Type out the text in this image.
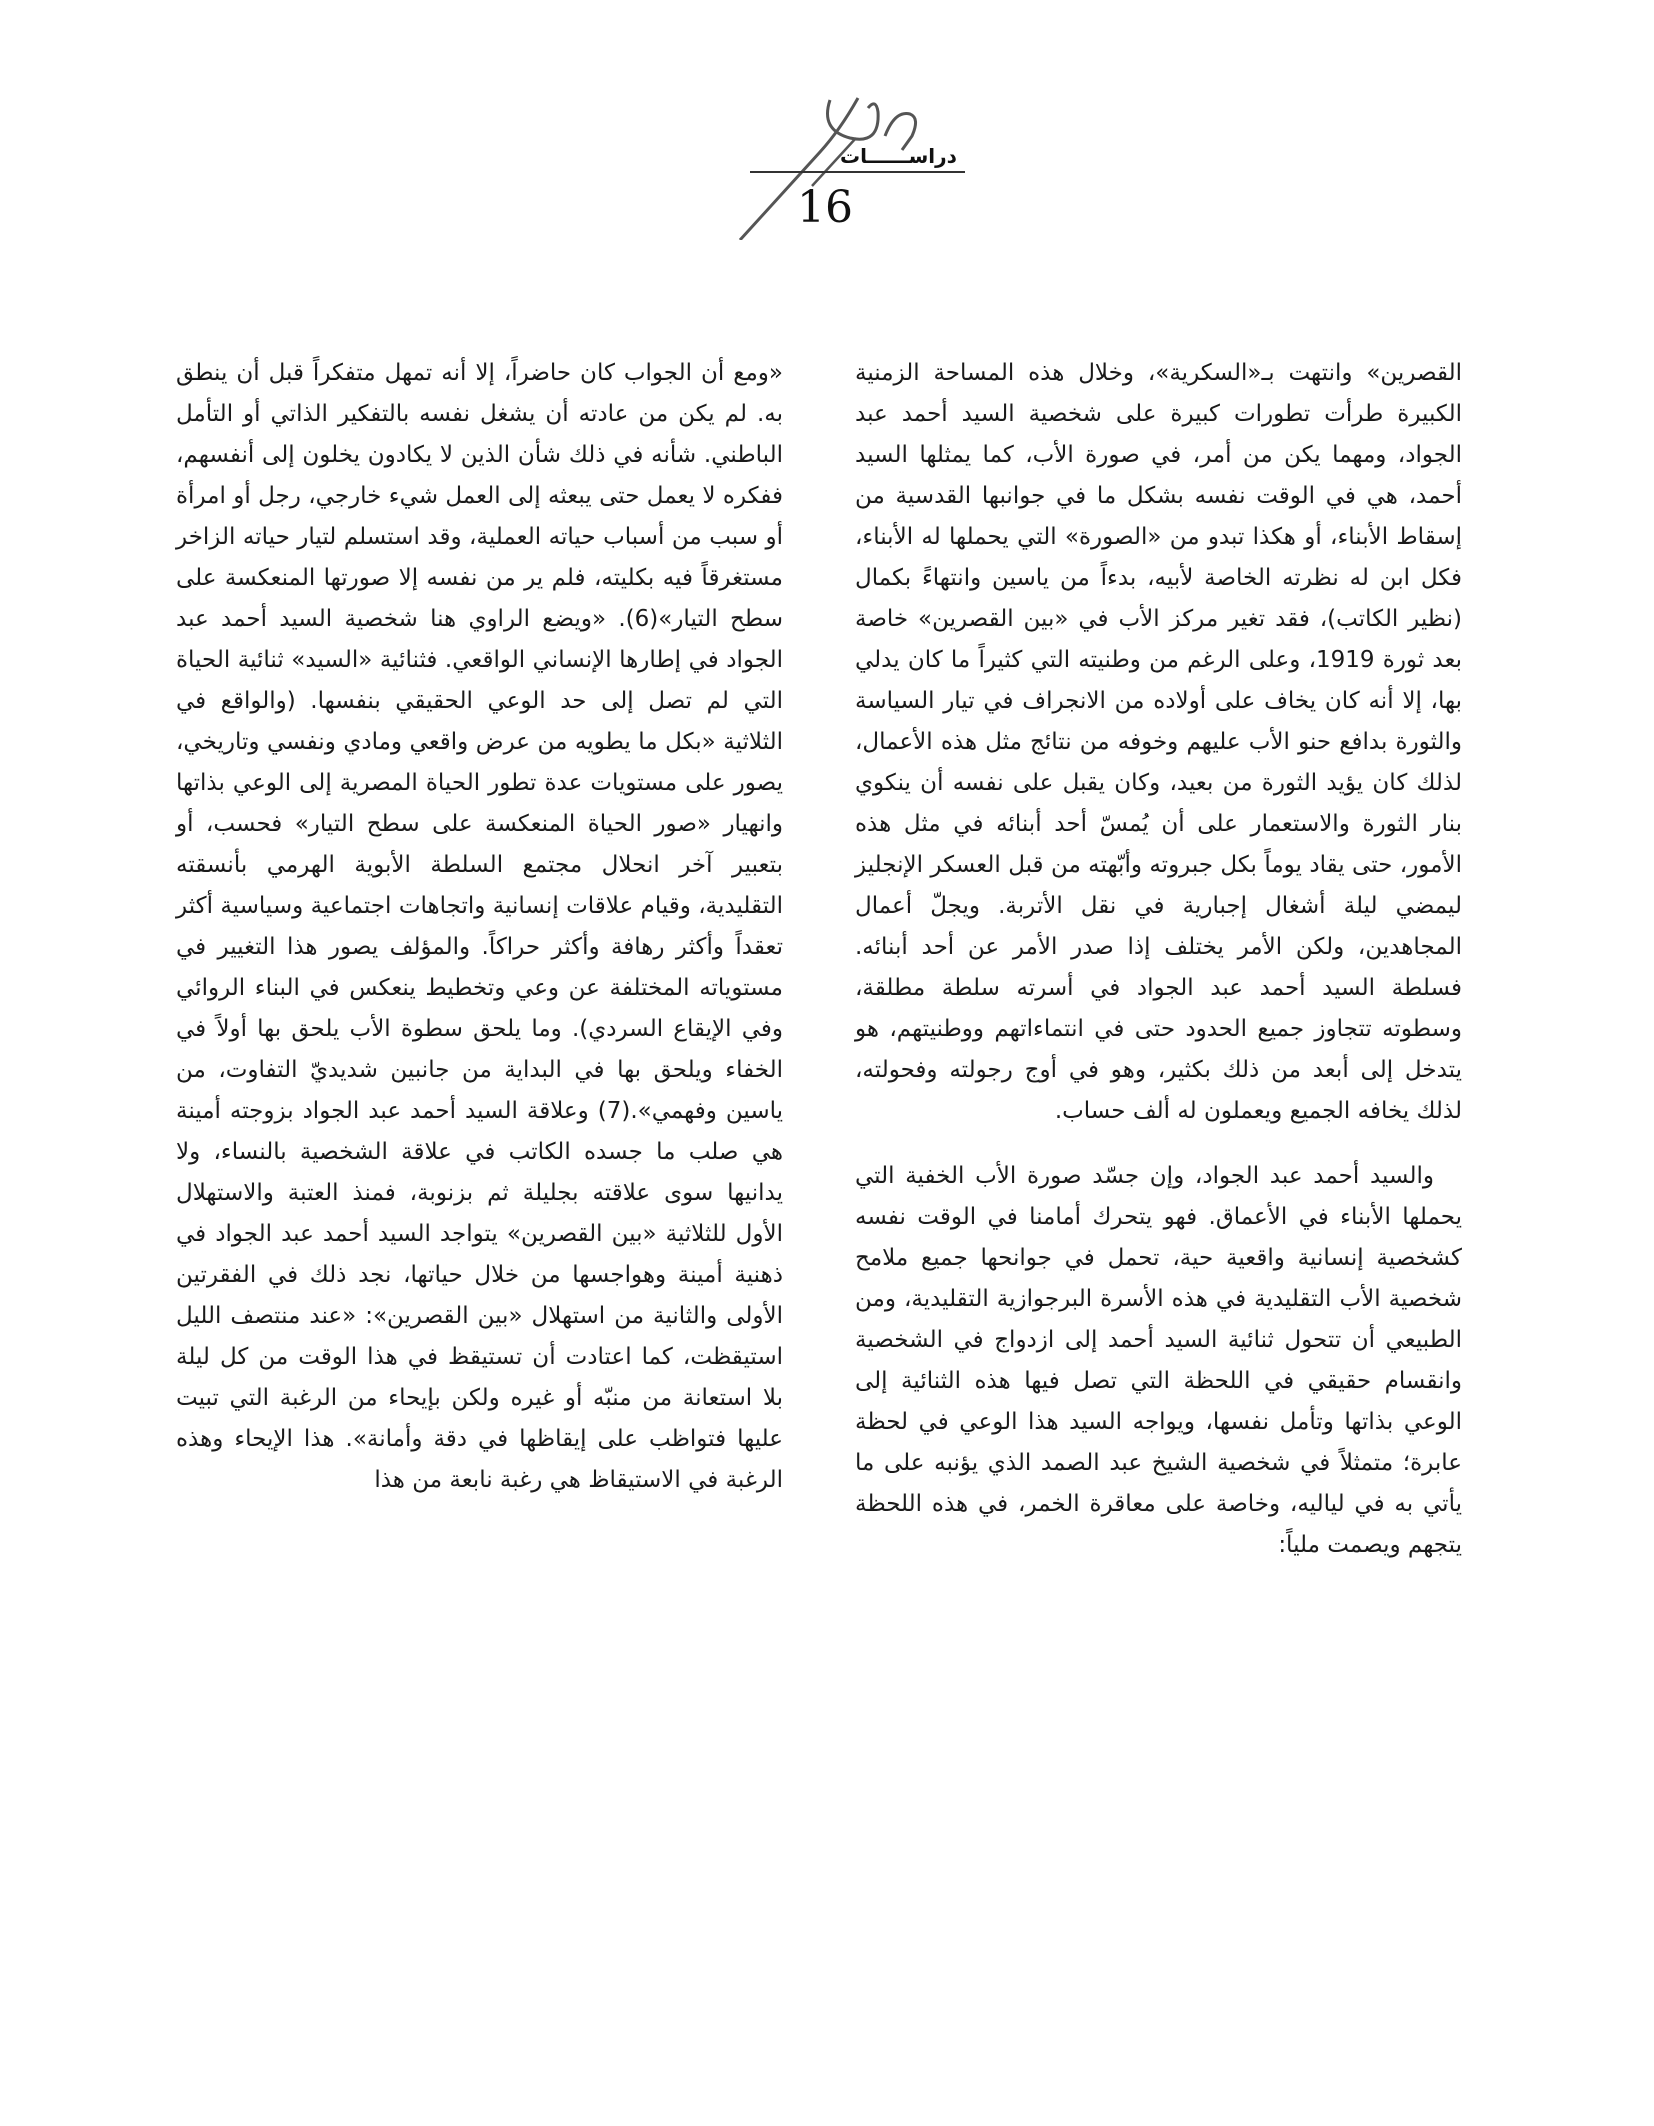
دراســــــات
16

القصرين» وانتهت بـ«السكرية»، وخلال هذه المساحة الزمنية الكبيرة طرأت تطورات كبيرة على شخصية السيد أحمد عبد الجواد، ومهما يكن من أمر، ﻓﻲ صورة الأب، كما يمثلها السيد أحمد، هي ﻓﻲ الوقت نفسه بشكل ما ﻓﻲ جوانبها القدسية من إسقاط الأبناء، أو هكذا تبدو من «الصورة» التي يحملها له الأبناء، فكل ابن له نظرته الخاصة لأبيه، بدءاً من ياسين وانتهاءً بكمال (نظير الكاتب)، فقد تغير مركز الأب ﻓﻲ «بين القصرين» خاصة بعد ثورة 1919، وعلى الرغم من وطنيته التي كثيراً ما كان يدلي بها، إلا أنه كان يخاف على أولاده من الانجراف ﻓﻲ تيار السياسة والثورة بدافع حنو الأب عليهم وخوفه من نتائج مثل هذه الأعمال، لذلك كان يؤيد الثورة من بعيد، وكان يقبل على نفسه أن ينكوي بنار الثورة والاستعمار على أن يُمسّ أحد أبنائه ﻓﻲ مثل هذه الأمور، حتى يقاد يوماً بكل جبروته وأبّهته من قبل العسكر الإنجليز ليمضي ليلة أشغال إجبارية ﻓﻲ نقل الأتربة. ويجلّ أعمال المجاهدين، ولكن الأمر يختلف إذا صدر الأمر عن أحد أبنائه. فسلطة السيد أحمد عبد الجواد ﻓﻲ أسرته سلطة مطلقة، وسطوته تتجاوز جميع الحدود حتى ﻓﻲ انتماءاتهم ووطنيتهم، هو يتدخل إلى أبعد من ذلك بكثير، وهو ﻓﻲ أوج رجولته وفحولته، لذلك يخافه الجميع ويعملون له ألف حساب.

والسيد أحمد عبد الجواد، وإن جسّد صورة الأب الخفية التي يحملها الأبناء ﻓﻲ الأعماق. فهو يتحرك أمامنا ﻓﻲ الوقت نفسه كشخصية إنسانية واقعية حية، تحمل ﻓﻲ جوانحها جميع ملامح شخصية الأب التقليدية ﻓﻲ هذه الأسرة البرجوازية التقليدية، ومن الطبيعي أن تتحول ثنائية السيد أحمد إلى ازدواج ﻓﻲ الشخصية وانقسام حقيقي ﻓﻲ اللحظة التي تصل فيها هذه الثنائية إلى الوعي بذاتها وتأمل نفسها، ويواجه السيد هذا الوعي ﻓﻲ لحظة عابرة؛ متمثلاً ﻓﻲ شخصية الشيخ عبد الصمد الذي يؤنبه على ما يأتي به ﻓﻲ لياليه، وخاصة على معاقرة الخمر، ﻓﻲ هذه اللحظة يتجهم ويصمت ملياً:

«ومع أن الجواب كان حاضراً، إلا أنه تمهل متفكراً قبل أن ينطق به. لم يكن من عادته أن يشغل نفسه بالتفكير الذاتي أو التأمل الباطني. شأنه ﻓﻲ ذلك شأن الذين لا يكادون يخلون إلى أنفسهم، ففكره لا يعمل حتى يبعثه إلى العمل شيء خارجي، رجل أو امرأة أو سبب من أسباب حياته العملية، وقد استسلم لتيار حياته الزاخر مستغرقاً فيه بكليته، فلم ير من نفسه إلا صورتها المنعكسة على سطح التيار»(6). «ويضع الراوي هنا شخصية السيد أحمد عبد الجواد ﻓﻲ إطارها الإنساني الواقعي. فثنائية «السيد» ثنائية الحياة التي لم تصل إلى حد الوعي الحقيقي بنفسها. (والواقع ﻓﻲ الثلاثية «بكل ما يطويه من عرض واقعي ومادي ونفسي وتاريخي، يصور على مستويات عدة تطور الحياة المصرية إلى الوعي بذاتها وانهيار «صور الحياة المنعكسة على سطح التيار» فحسب، أو بتعبير آخر انحلال مجتمع السلطة الأبوية الهرمي بأنسقته التقليدية، وقيام علاقات إنسانية واتجاهات اجتماعية وسياسية أكثر تعقداً وأكثر رهافة وأكثر حراكاً. والمؤلف يصور هذا التغيير ﻓﻲ مستوياته المختلفة عن وعي وتخطيط ينعكس ﻓﻲ البناء الروائي وﻓﻲ الإيقاع السردي). وما يلحق سطوة الأب يلحق بها أولاً ﻓﻲ الخفاء ويلحق بها ﻓﻲ البداية من جانبين شديديّ التفاوت، من ياسين وفهمي».(7) وعلاقة السيد أحمد عبد الجواد بزوجته أمينة هي صلب ما جسده الكاتب ﻓﻲ علاقة الشخصية بالنساء، ولا يدانيها سوى علاقته بجليلة ثم بزنوبة، فمنذ العتبة والاستهلال الأول للثلاثية «بين القصرين» يتواجد السيد أحمد عبد الجواد ﻓﻲ ذهنية أمينة وهواجسها من خلال حياتها، نجد ذلك ﻓﻲ الفقرتين الأولى والثانية من استهلال «بين القصرين»: «عند منتصف الليل استيقظت، كما اعتادت أن تستيقظ ﻓﻲ هذا الوقت من كل ليلة بلا استعانة من منبّه أو غيره ولكن بإيحاء من الرغبة التي تبيت عليها فتواظب على إيقاظها ﻓﻲ دقة وأمانة». هذا الإيحاء وهذه الرغبة ﻓﻲ الاستيقاظ هي رغبة نابعة من هذا
